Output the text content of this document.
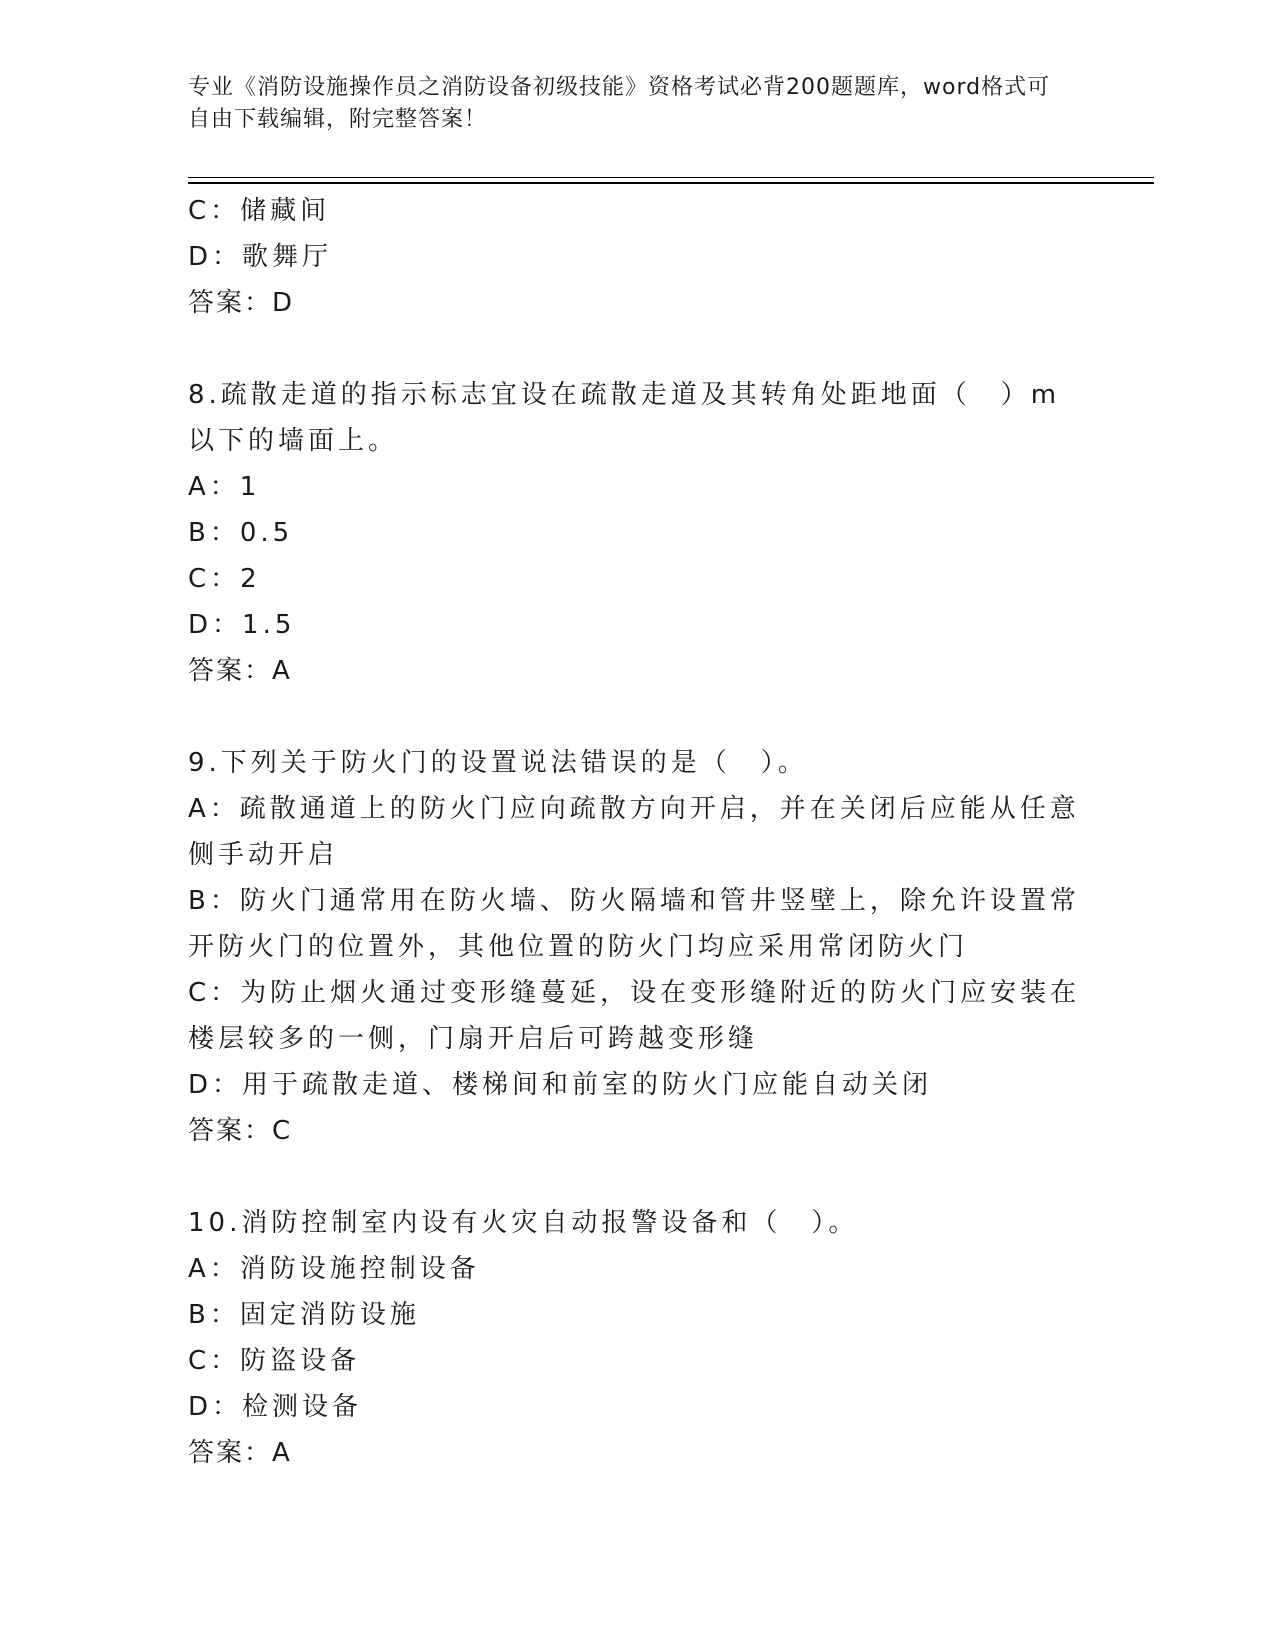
专业《消防设施操作员之消防设备初级技能》资格考试必背200题题库，word格式可自由下载编辑，附完整答案！

C：储藏间

D：歌舞厅

答案：D

8.疏散走道的指示标志宜设在疏散走道及其转角处距地面（　）m以下的墙面上。

A：1

B：0.5

C：2

D：1.5

答案：A

9.下列关于防火门的设置说法错误的是（　）。

A：疏散通道上的防火门应向疏散方向开启，并在关闭后应能从任意侧手动开启

B：防火门通常用在防火墙、防火隔墙和管井竖壁上，除允许设置常开防火门的位置外，其他位置的防火门均应采用常闭防火门

C：为防止烟火通过变形缝蔓延，设在变形缝附近的防火门应安装在楼层较多的一侧，门扇开启后可跨越变形缝

D：用于疏散走道、楼梯间和前室的防火门应能自动关闭

答案：C

10.消防控制室内设有火灾自动报警设备和（　）。

A：消防设施控制设备

B：固定消防设施

C：防盗设备

D：检测设备

答案：A
